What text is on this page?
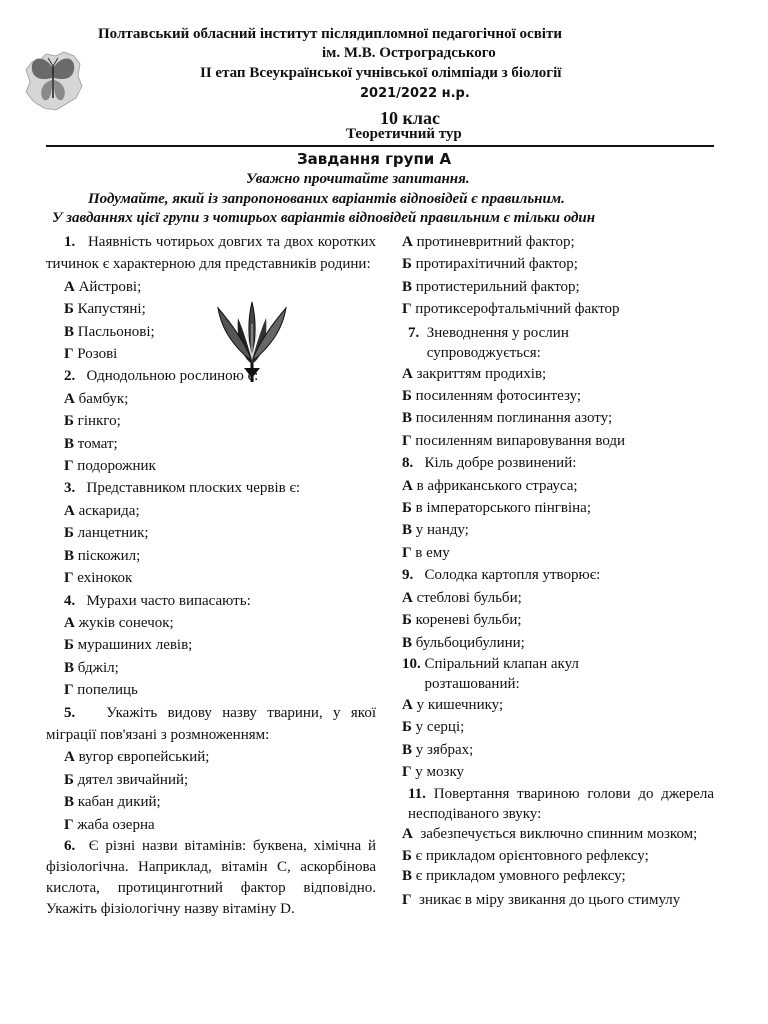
Полтавський обласний інститут післядипломної педагогічної освіти
ім. М.В. Остроградського
ІІ етап Всеукраїнської учнівської олімпіади з біології
2021/2022 н.р.
10 клас
Теоретичний тур
Завдання групи А
Уважно прочитайте запитання.
Подумайте, який із запропонованих варіантів відповідей є правильним.
У завданнях цієї групи з чотирьох варіантів відповідей правильним є тільки один

1. Наявність чотирьох довгих та двох коротких тичинок є характерною для представників родини:

А Айстрові;

Б Капустяні;

В Пасльонові;

Г Розові

2. Однодольною рослиною є:

А бамбук;

Б гінкго;

В томат;

Г подорожник

3. Представником плоских червів є:

А аскарида;

Б ланцетник;

В піскожил;

Г ехінокок

4. Мурахи часто випасають:

А жуків сонечок;

Б мурашиних левів;

В бджіл;

Г попелиць

5. Укажіть видову назву тварини, у якої міграції пов'язані з розмноженням:

А вугор європейський;

Б дятел звичайний;

В кабан дикий;

Г жаба озерна

6. Є різні назви вітамінів: буквена, хімічна й фізіологічна. Наприклад, вітамін С, аскорбінова кислота, протицинготний фактор відповідно. Укажіть фізіологічну назву вітаміну D.

А протиневритний фактор;

Б протирахітичний фактор;

В протистерильний фактор;

Г протиксерофтальмічний фактор

7. Зневоднення у рослин супроводжується:

А закриттям продихів;

Б посиленням фотосинтезу;

В посиленням поглинання азоту;

Г посиленням випаровування води

8. Кіль добре розвинений:

А в африканського страуса;

Б в імператорського пінгвіна;

В у нанду;

Г в ему

9. Солодка картопля утворює:

А стеблові бульби;

Б кореневі бульби;

В бульбоцибулини;

10. Спіральний клапан акул розташований:

А у кишечнику;

Б у серці;

В у зябрах;

Г у мозку

11. Повертання твариною голови до джерела несподіваного звуку:

А забезпечується виключно спинним мозком;

Б є прикладом орієнтовного рефлексу;

В є прикладом умовного рефлексу;

Г зникає в міру звикання до цього стимулу
